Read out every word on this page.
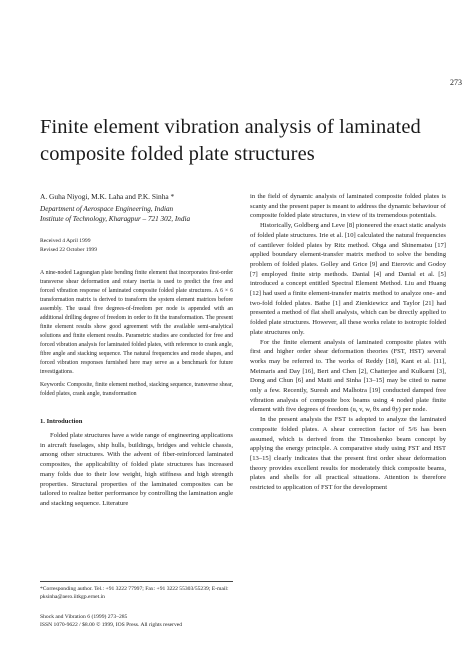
273
Finite element vibration analysis of laminated composite folded plate structures
A. Guha Niyogi, M.K. Laha and P.K. Sinha *
Department of Aerospace Engineering, Indian
Institute of Technology, Kharagpur – 721 302, India
Received 4 April 1999
Revised 22 October 1999
A nine-noded Lagrangian plate bending finite element that incorporates first-order transverse shear deformation and rotary inertia is used to predict the free and forced vibration response of laminated composite folded plate structures. A 6 × 6 transformation matrix is derived to transform the system element matrices before assembly. The usual five degrees-of-freedom per node is appended with an additional drilling degree of freedom in order to fit the transformation. The present finite element results show good agreement with the available semi-analytical solutions and finite element results. Parametric studies are conducted for free and forced vibration analysis for laminated folded plates, with reference to crank angle, fibre angle and stacking sequence. The natural frequencies and mode shapes, and forced vibration responses furnished here may serve as a benchmark for future investigations.
Keywords: Composite, finite element method, stacking sequence, transverse shear, folded plates, crank angle, transformation
1. Introduction

Folded plate structures have a wide range of engineering applications in aircraft fuselages, ship hulls, buildings, bridges and vehicle chassis, among other structures. With the advent of fiber-reinforced laminated composites, the applicability of folded plate structures has increased many folds due to their low weight, high stiffness and high strength properties. Structural properties of the laminated composites can be tailored to realize better performance by controlling the lamination angle and stacking sequence. Literature

in the field of dynamic analysis of laminated composite folded plates is scanty and the present paper is meant to address the dynamic behaviour of composite folded plate structures, in view of its tremendous potentials.

Historically, Goldberg and Leve [8] pioneered the exact static analysis of folded plate structures. Irie et al. [10] calculated the natural frequencies of cantilever folded plates by Ritz method. Ohga and Shinematsu [17] applied boundary element-transfer matrix method to solve the bending problem of folded plates. Golley and Grice [9] and Eterovic and Godoy [7] employed finite strip methods. Danial [4] and Danial et al. [5] introduced a concept entitled Spectral Element Method. Liu and Huang [12] had used a finite element-transfer matrix method to analyze one- and two-fold folded plates. Bathe [1] and Zienkiewicz and Taylor [21] had presented a method of flat shell analysis, which can be directly applied to folded plate structures. However, all these works relate to isotropic folded plate structures only.

For the finite element analysis of laminated composite plates with first and higher order shear deformation theories (FST, HST) several works may be referred to. The works of Reddy [18], Kant et al. [11], Meimaris and Day [16], Bert and Chen [2], Chatterjee and Kulkarni [3], Dong and Chun [6] and Maiti and Sinha [13–15] may be cited to name only a few. Recently, Suresh and Malhotra [19] conducted damped free vibration analysis of composite box beams using 4 noded plate finite element with five degrees of freedom (u, v, w, θx and θy) per node.

In the present analysis the FST is adopted to analyze the laminated composite folded plates. A shear correction factor of 5/6 has been assumed, which is derived from the Timoshenko beam concept by applying the energy principle. A comparative study using FST and HST [13–15] clearly indicates that the present first order shear deformation theory provides excellent results for moderately thick composite beams, plates and shells for all practical situations. Attention is therefore restricted to application of FST for the development

*Corresponding author. Tel.: +91 3222 77997; Fax: +91 3222 55303/55239; E-mail: pksinha@aero.iitkgp.ernet.in
Shock and Vibration 6 (1999) 273–285
ISSN 1070-9622 / $8.00 © 1999, IOS Press. All rights reserved
